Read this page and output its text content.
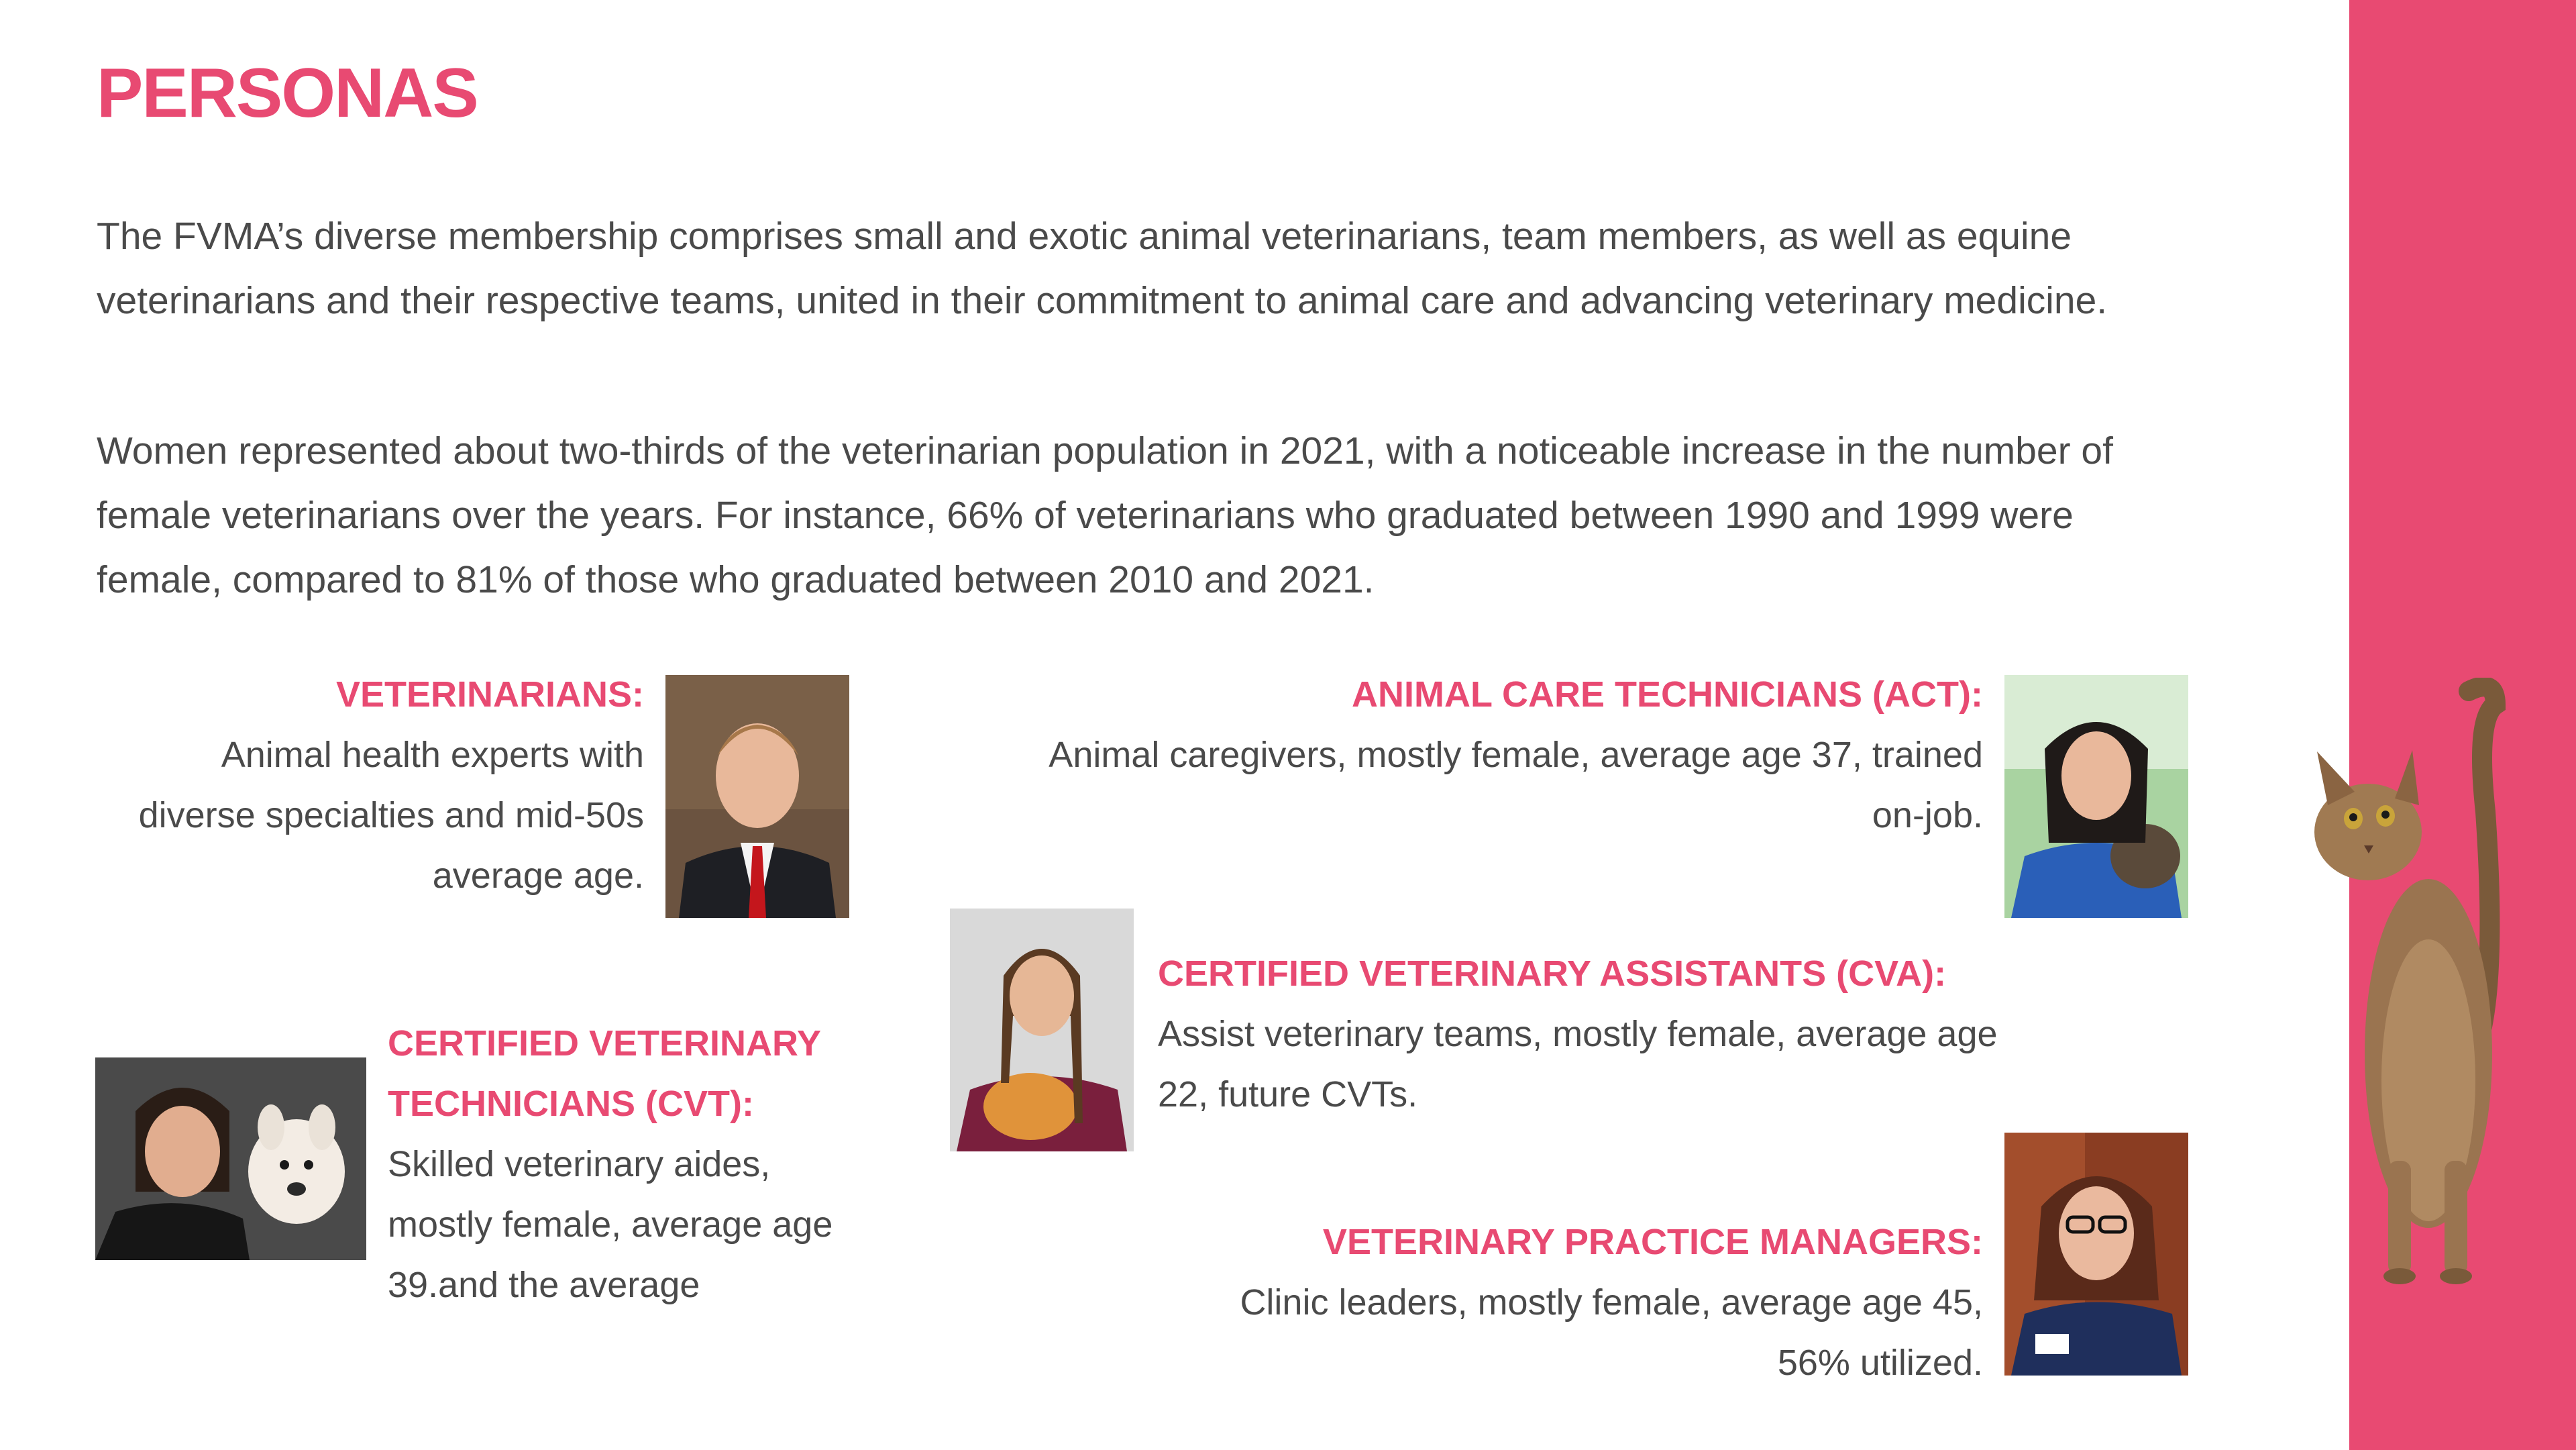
PERSONAS

The FVMA’s diverse membership comprises small and exotic animal veterinarians, team members, as well as equine veterinarians and their respective teams, united in their commitment to animal care and advancing veterinary medicine.

Women represented about two-thirds of the veterinarian population in 2021, with a noticeable increase in the number of female veterinarians over the years. For instance, 66% of veterinarians who graduated between 1990 and 1999 were female, compared to 81% of those who graduated between 2010 and 2021.

VETERINARIANS:

Animal health experts with diverse specialties and mid-50s average age.

ANIMAL CARE TECHNICIANS (ACT):

Animal caregivers, mostly female, average age 37, trained on-job.

CERTIFIED VETERINARY ASSISTANTS (CVA):

Assist veterinary teams, mostly female, average age 22, future CVTs.

CERTIFIED VETERINARY TECHNICIANS (CVT):

Skilled veterinary aides, mostly female, average age 39.and the average

VETERINARY PRACTICE MANAGERS:

Clinic leaders, mostly female, average age 45, 56% utilized.
